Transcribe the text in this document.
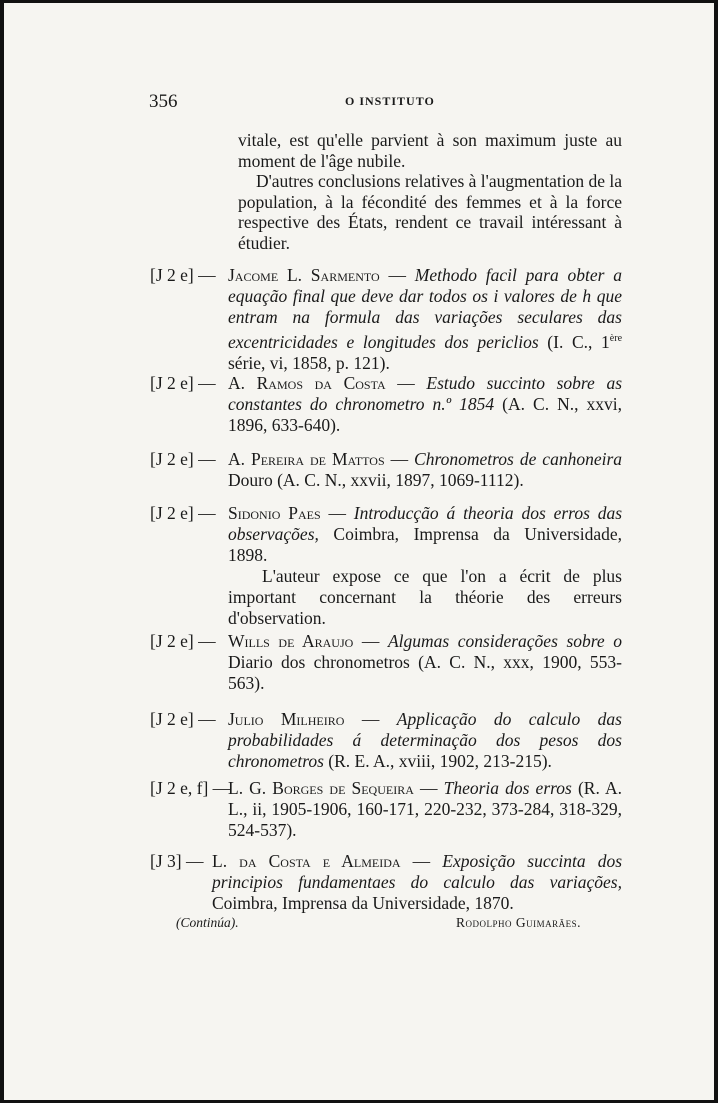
356	O INSTITUTO

vitale, est qu'elle parvient à son maximum juste au moment de l'âge nubile.

D'autres conclusions relatives à l'augmentation de la population, à la fécondité des femmes et à la force respective des États, rendent ce travail intéressant à étudier.

[J 2 e] — Jacome L. Sarmento — Methodo facil para obter a equação final que deve dar todos os i valores de h que entram na formula das variações seculares das excentricidades e longitudes dos periclios (I. C., 1ère série, vi, 1858, p. 121).
[J 2 e] — A. Ramos da Costa — Estudo succinto sobre as constantes do chronometro n.º 1854 (A. C. N., xxvi, 1896, 633-640).
[J 2 e] — A. Pereira de Mattos — Chronometros de canhoneira Douro (A. C. N., xxvii, 1897, 1069-1112).
[J 2 e] — Sidonio Paes — Introducção á theoria dos erros das observações, Coimbra, Imprensa da Universidade, 1898.

L'auteur expose ce que l'on a écrit de plus important concernant la théorie des erreurs d'observation.

[J 2 e] — Wills de Araujo — Algumas considerações sobre o Diario dos chronometros (A. C. N., xxx, 1900, 553-563).
[J 2 e] — Julio Milheiro — Applicação do calculo das probabilidades á determinação dos pesos dos chronometros (R. E. A., xviii, 1902, 213-215).
[J 2 e, f] —
L. G. Borges de Sequeira — Theoria dos erros (R. A. L., ii, 1905-1906, 160-171, 220-232, 373-284, 318-329, 524-537).
[J 3] — L. da Costa e Almeida — Exposição succinta dos principios fundamentaes do calculo das variações, Coimbra, Imprensa da Universidade, 1870.
(Continúa).	Rodolpho Guimarães.
